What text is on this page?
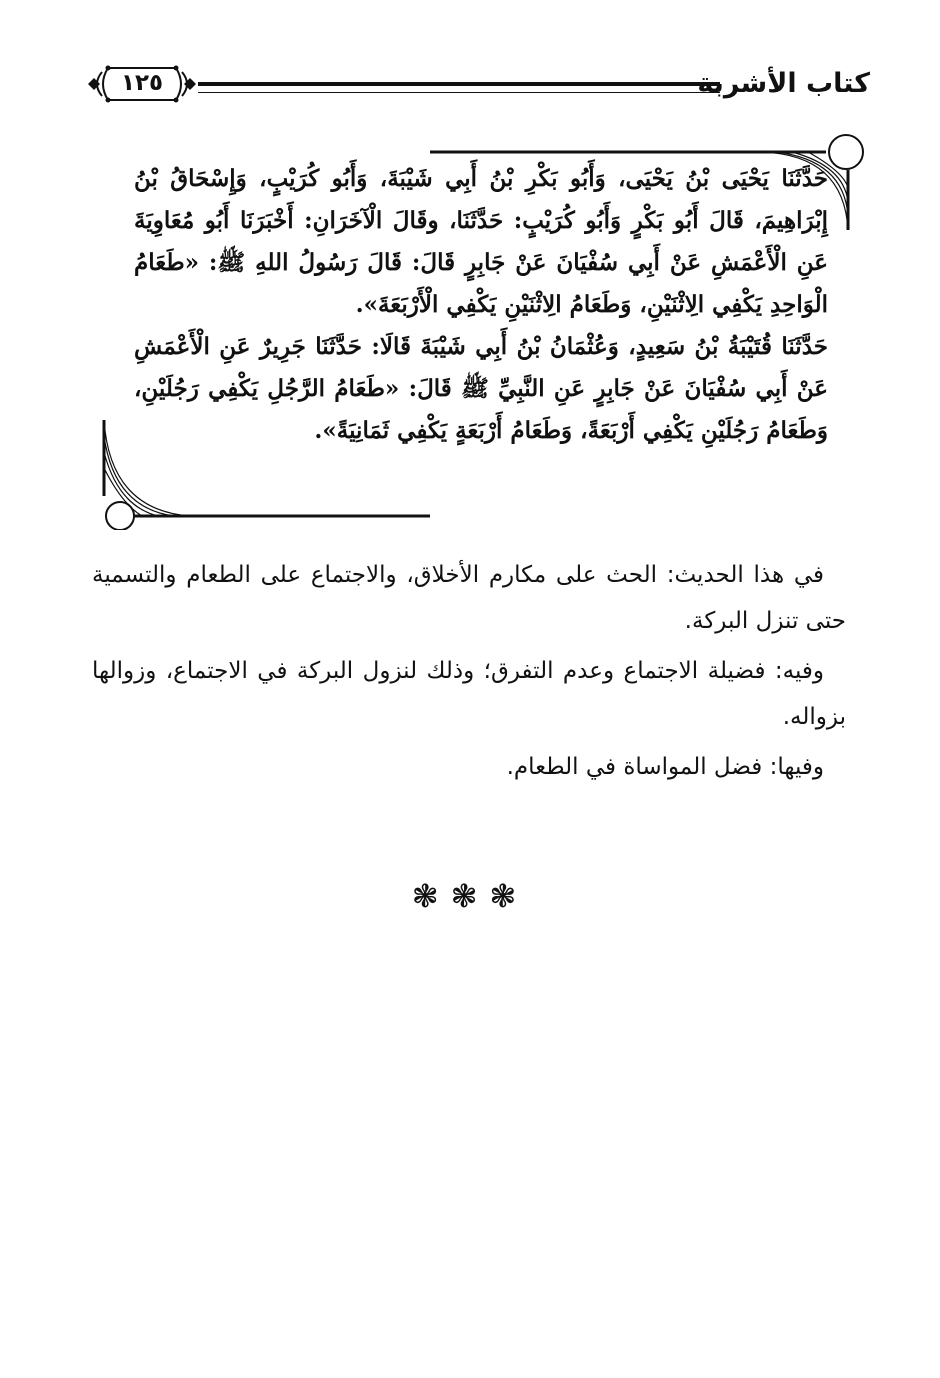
كتاب الأشربة
١٢٥

حَدَّثَنَا يَحْيَى بْنُ يَحْيَى، وَأَبُو بَكْرِ بْنُ أَبِي شَيْبَةَ، وَأَبُو كُرَيْبٍ، وَإِسْحَاقُ بْنُ إِبْرَاهِيمَ، قَالَ أَبُو بَكْرٍ وَأَبُو كُرَيْبٍ: حَدَّثَنَا، وقَالَ الْآخَرَانِ: أَخْبَرَنَا أَبُو مُعَاوِيَةَ عَنِ الْأَعْمَشِ عَنْ أَبِي سُفْيَانَ عَنْ جَابِرٍ قَالَ: قَالَ رَسُولُ اللهِ ﷺ: «طَعَامُ الْوَاحِدِ يَكْفِي الِاثْنَيْنِ، وَطَعَامُ الِاثْنَيْنِ يَكْفِي الْأَرْبَعَةَ».

حَدَّثَنَا قُتَيْبَةُ بْنُ سَعِيدٍ، وَعُثْمَانُ بْنُ أَبِي شَيْبَةَ قَالَا: حَدَّثَنَا جَرِيرٌ عَنِ الْأَعْمَشِ عَنْ أَبِي سُفْيَانَ عَنْ جَابِرٍ عَنِ النَّبِيِّ ﷺ قَالَ: «طَعَامُ الرَّجُلِ يَكْفِي رَجُلَيْنِ، وَطَعَامُ رَجُلَيْنِ يَكْفِي أَرْبَعَةً، وَطَعَامُ أَرْبَعَةٍ يَكْفِي ثَمَانِيَةً».

في هذا الحديث: الحث على مكارم الأخلاق، والاجتماع على الطعام والتسمية حتى تنزل البركة.

وفيه: فضيلة الاجتماع وعدم التفرق؛ وذلك لنزول البركة في الاجتماع، وزوالها بزواله.

وفيها: فضل المواساة في الطعام.

❃❃❃
